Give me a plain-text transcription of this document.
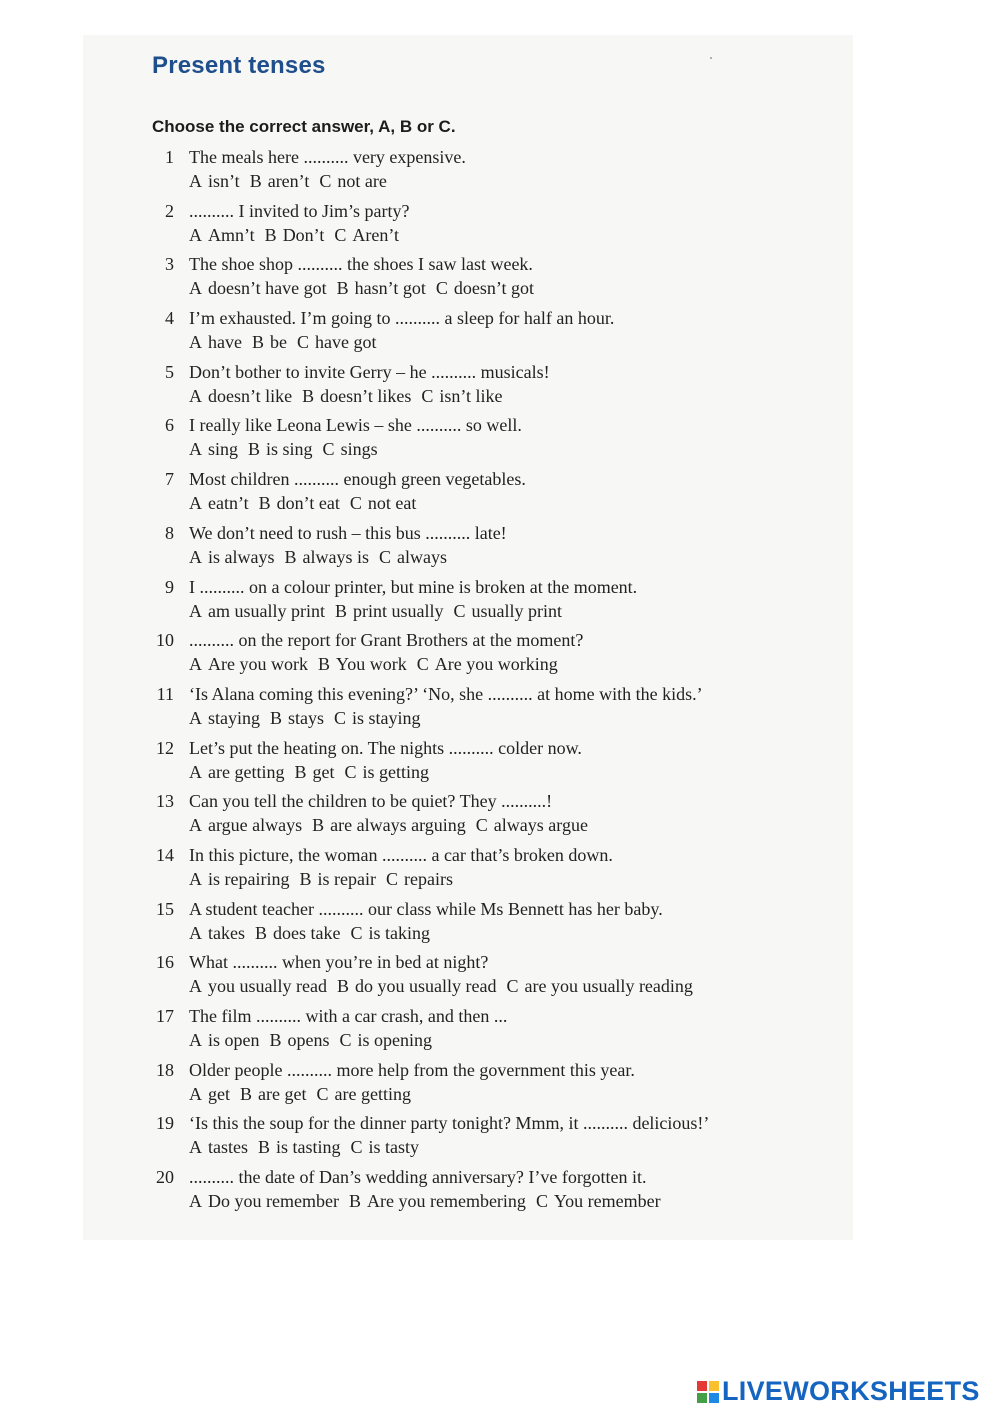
Present tenses

Choose the correct answer, A, B or C.

1 The meals here .......... very expensive.
A isn’t B aren’t C not are
2 .......... I invited to Jim’s party?
A Amn’t B Don’t C Aren’t
3 The shoe shop .......... the shoes I saw last week.
A doesn’t have got B hasn’t got C doesn’t got
4 I’m exhausted. I’m going to .......... a sleep for half an hour.
A have B be C have got
5 Don’t bother to invite Gerry – he .......... musicals!
A doesn’t like B doesn’t likes C isn’t like
6 I really like Leona Lewis – she .......... so well.
A sing B is sing C sings
7 Most children .......... enough green vegetables.
A eatn’t B don’t eat C not eat
8 We don’t need to rush – this bus .......... late!
A is always B always is C always
9 I .......... on a colour printer, but mine is broken at the moment.
A am usually print B print usually C usually print
10 .......... on the report for Grant Brothers at the moment?
A Are you work B You work C Are you working
11 ‘Is Alana coming this evening?’ ‘No, she .......... at home with the kids.’
A staying B stays C is staying
12 Let’s put the heating on. The nights .......... colder now.
A are getting B get C is getting
13 Can you tell the children to be quiet? They ..........!
A argue always B are always arguing C always argue
14 In this picture, the woman .......... a car that’s broken down.
A is repairing B is repair C repairs
15 A student teacher .......... our class while Ms Bennett has her baby.
A takes B does take C is taking
16 What .......... when you’re in bed at night?
A you usually read B do you usually read C are you usually reading
17 The film .......... with a car crash, and then ...
A is open B opens C is opening
18 Older people .......... more help from the government this year.
A get B are get C are getting
19 ‘Is this the soup for the dinner party tonight? Mmm, it .......... delicious!’
A tastes B is tasting C is tasty
20 .......... the date of Dan’s wedding anniversary? I’ve forgotten it.
A Do you remember B Are you remembering C You remember
LIVEWORKSHEETS
